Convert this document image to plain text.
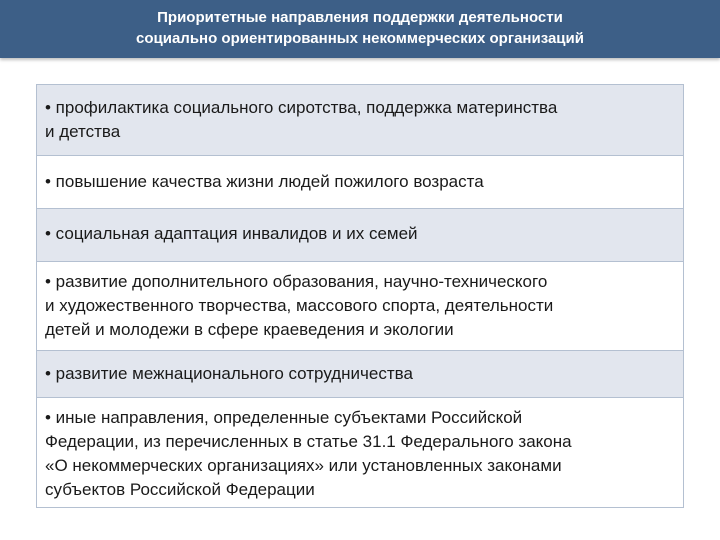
Приоритетные направления поддержки деятельности
социально ориентированных некоммерческих организаций
• профилактика социального сиротства, поддержка материнства
и детства
• повышение качества жизни людей пожилого возраста
• социальная адаптация инвалидов и их семей
• развитие дополнительного образования, научно-технического
и художественного творчества, массового спорта, деятельности
детей и молодежи в сфере краеведения и экологии
• развитие межнационального сотрудничества
• иные направления, определенные субъектами Российской
Федерации, из перечисленных в статье 31.1 Федерального закона
«О некоммерческих организациях» или установленных законами
субъектов Российской Федерации
